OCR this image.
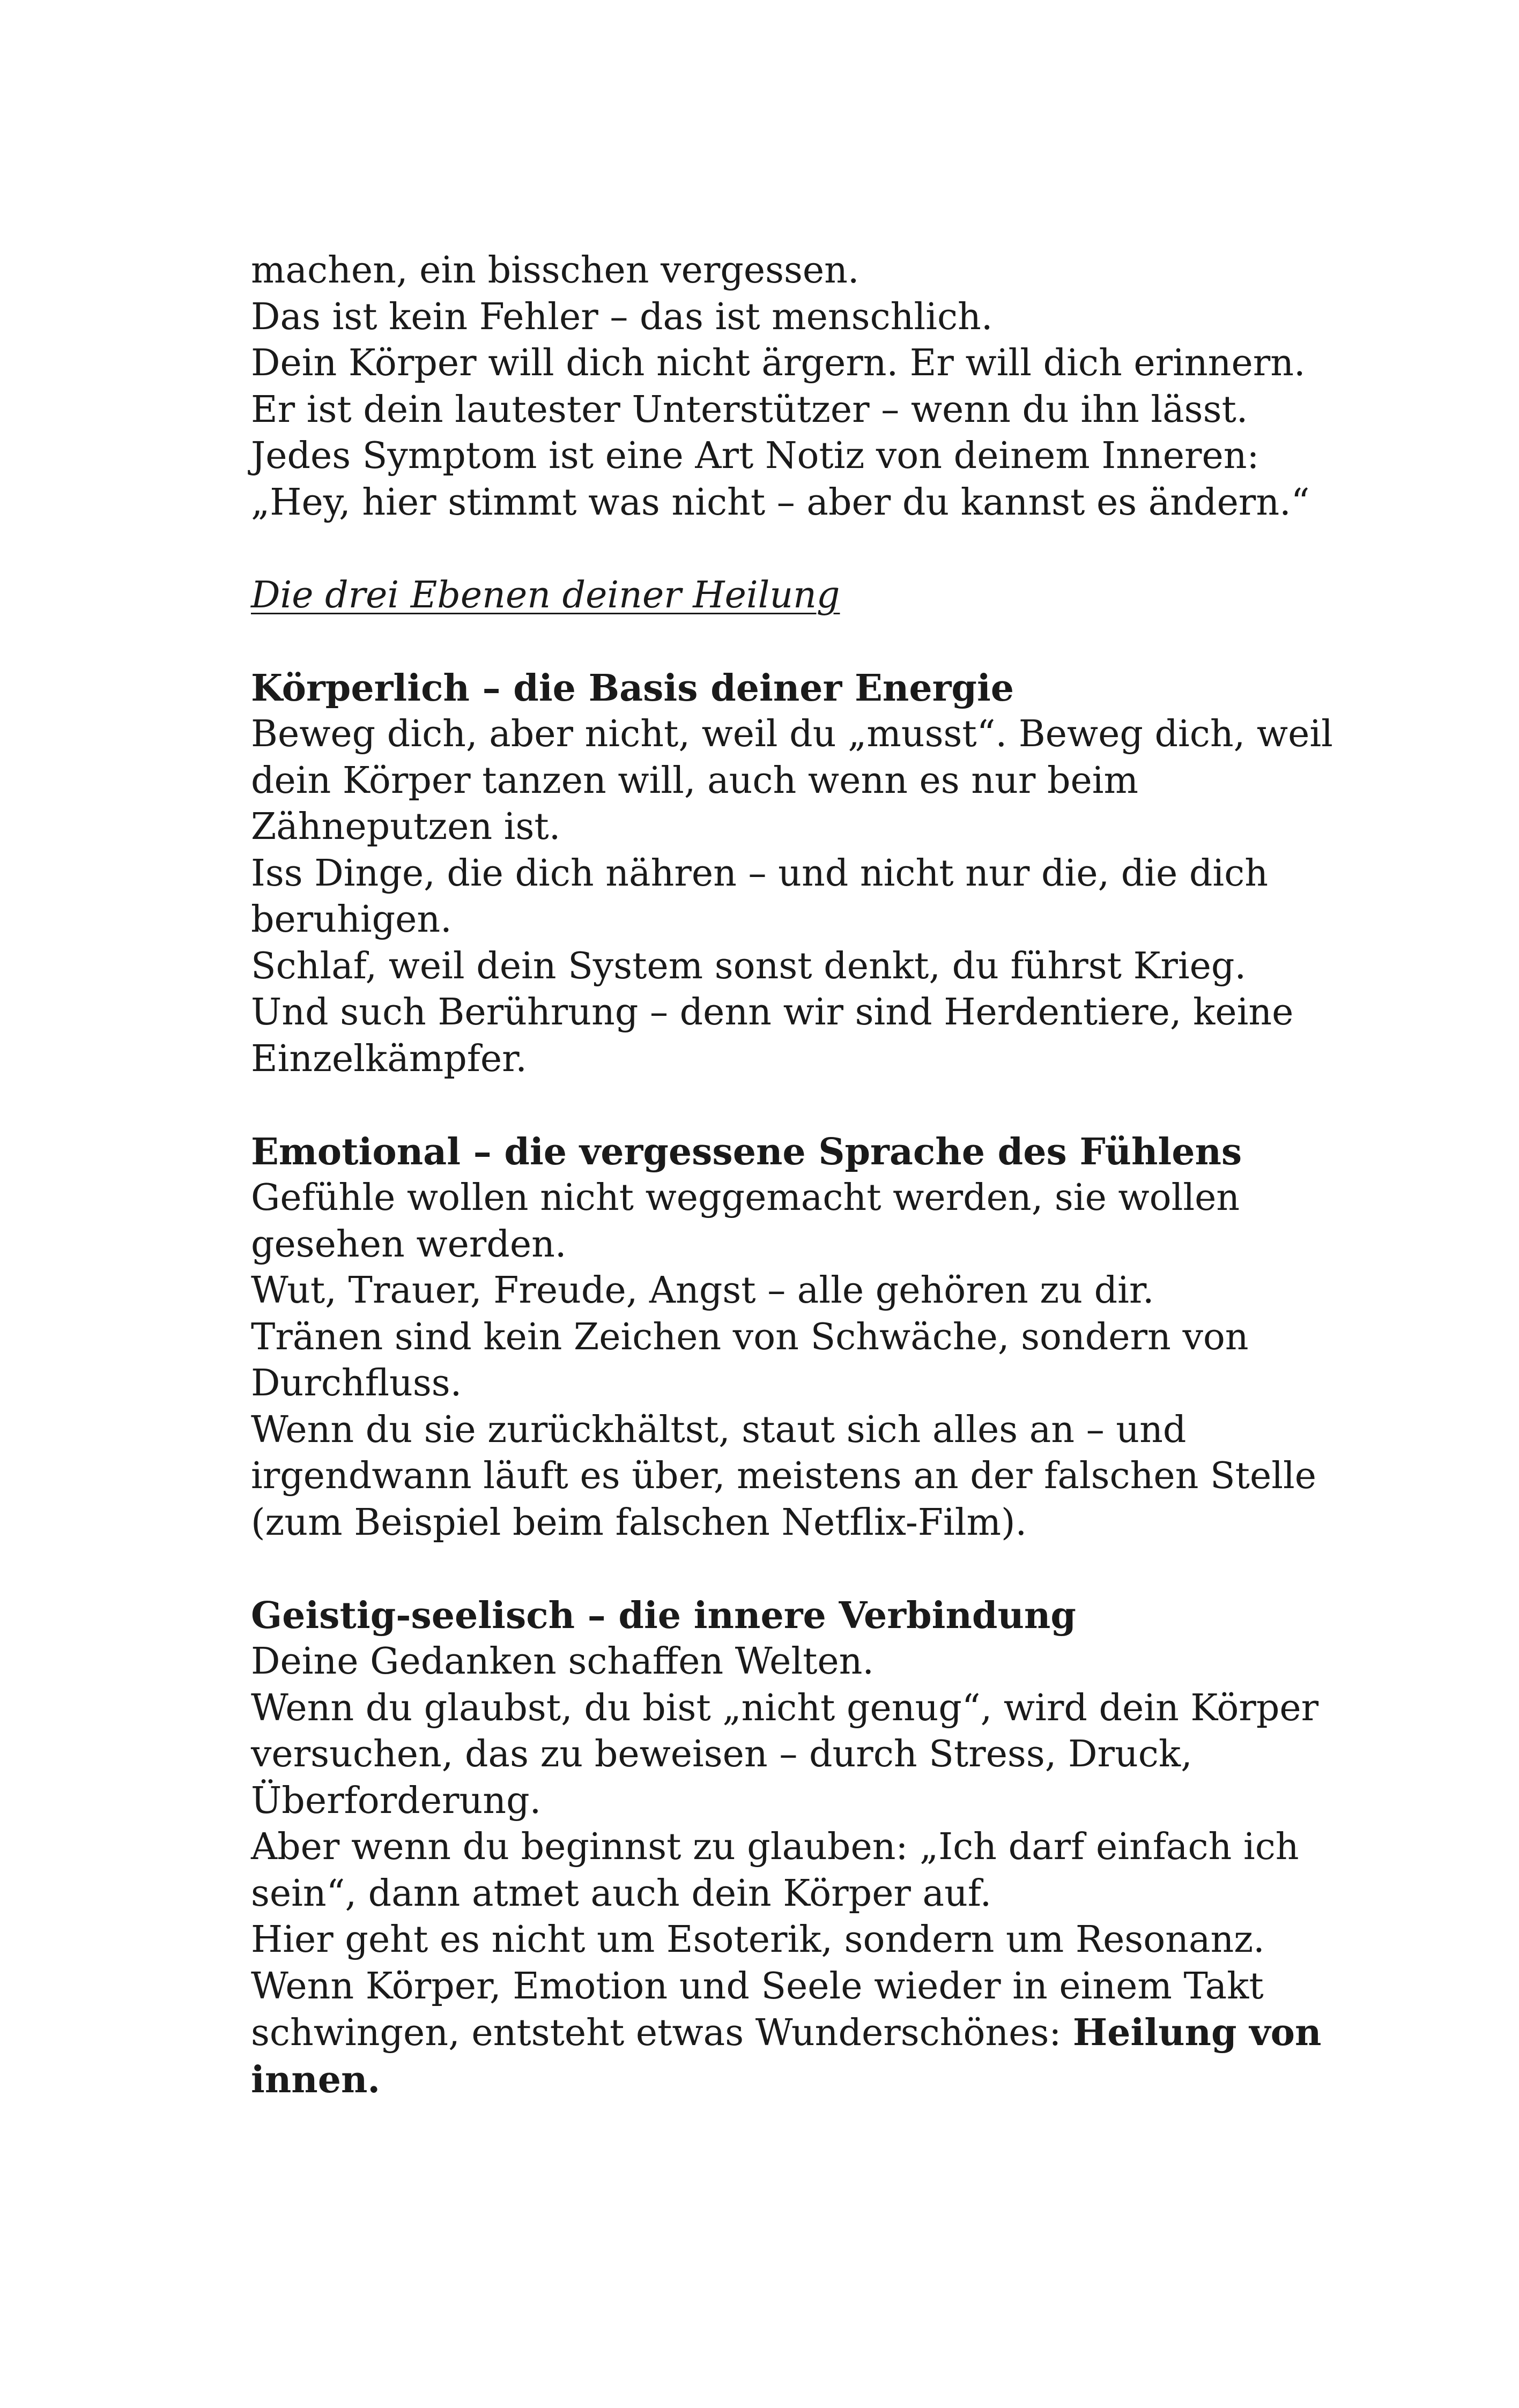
machen, ein bisschen vergessen.
Das ist kein Fehler – das ist menschlich.
Dein Körper will dich nicht ärgern. Er will dich erinnern.
Er ist dein lautester Unterstützer – wenn du ihn lässt.
Jedes Symptom ist eine Art Notiz von deinem Inneren:
„Hey, hier stimmt was nicht – aber du kannst es ändern.“
Die drei Ebenen deiner Heilung
Körperlich – die Basis deiner Energie
Beweg dich, aber nicht, weil du „musst“. Beweg dich, weil
dein Körper tanzen will, auch wenn es nur beim
Zähneputzen ist.
Iss Dinge, die dich nähren – und nicht nur die, die dich
beruhigen.
Schlaf, weil dein System sonst denkt, du führst Krieg.
Und such Berührung – denn wir sind Herdentiere, keine
Einzelkämpfer.
Emotional – die vergessene Sprache des Fühlens
Gefühle wollen nicht weggemacht werden, sie wollen
gesehen werden.
Wut, Trauer, Freude, Angst – alle gehören zu dir.
Tränen sind kein Zeichen von Schwäche, sondern von
Durchfluss.
Wenn du sie zurückhältst, staut sich alles an – und
irgendwann läuft es über, meistens an der falschen Stelle
(zum Beispiel beim falschen Netflix-Film).
Geistig-seelisch – die innere Verbindung
Deine Gedanken schaffen Welten.
Wenn du glaubst, du bist „nicht genug“, wird dein Körper
versuchen, das zu beweisen – durch Stress, Druck,
Überforderung.
Aber wenn du beginnst zu glauben: „Ich darf einfach ich
sein“, dann atmet auch dein Körper auf.
Hier geht es nicht um Esoterik, sondern um Resonanz.
Wenn Körper, Emotion und Seele wieder in einem Takt
schwingen, entsteht etwas Wunderschönes: Heilung von
innen.
